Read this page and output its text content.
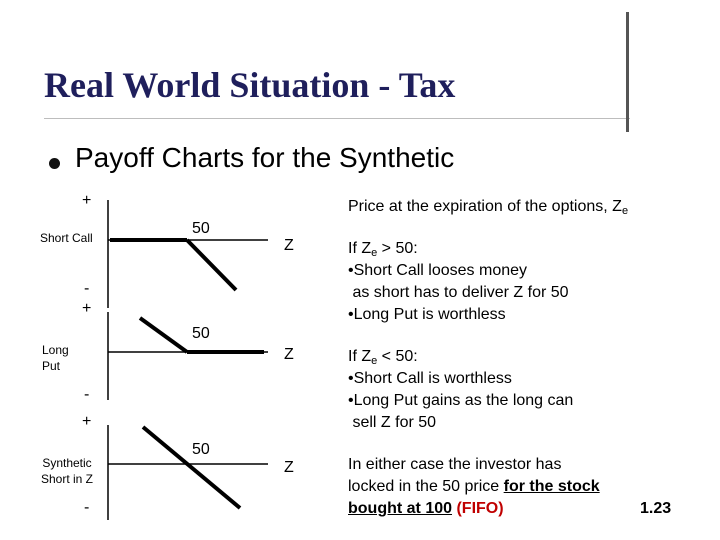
Real World Situation - Tax
Payoff Charts for the Synthetic
+
Short Call
50
Z
-
+
Long Put
50
Z
-
+
Synthetic Short in Z
50
Z
-
Price at the expiration of the options, $Z_e$
If $Z_e > 50$:
•Short Call looses money
as short has to deliver Z for 50
•Long Put is worthless
If $Z_e < 50$:
•Short Call is worthless
•Long Put gains as the long can
sell Z for 50
In either case the investor has
locked in the 50 price for the stock
bought at 100 (FIFO)	1.23
